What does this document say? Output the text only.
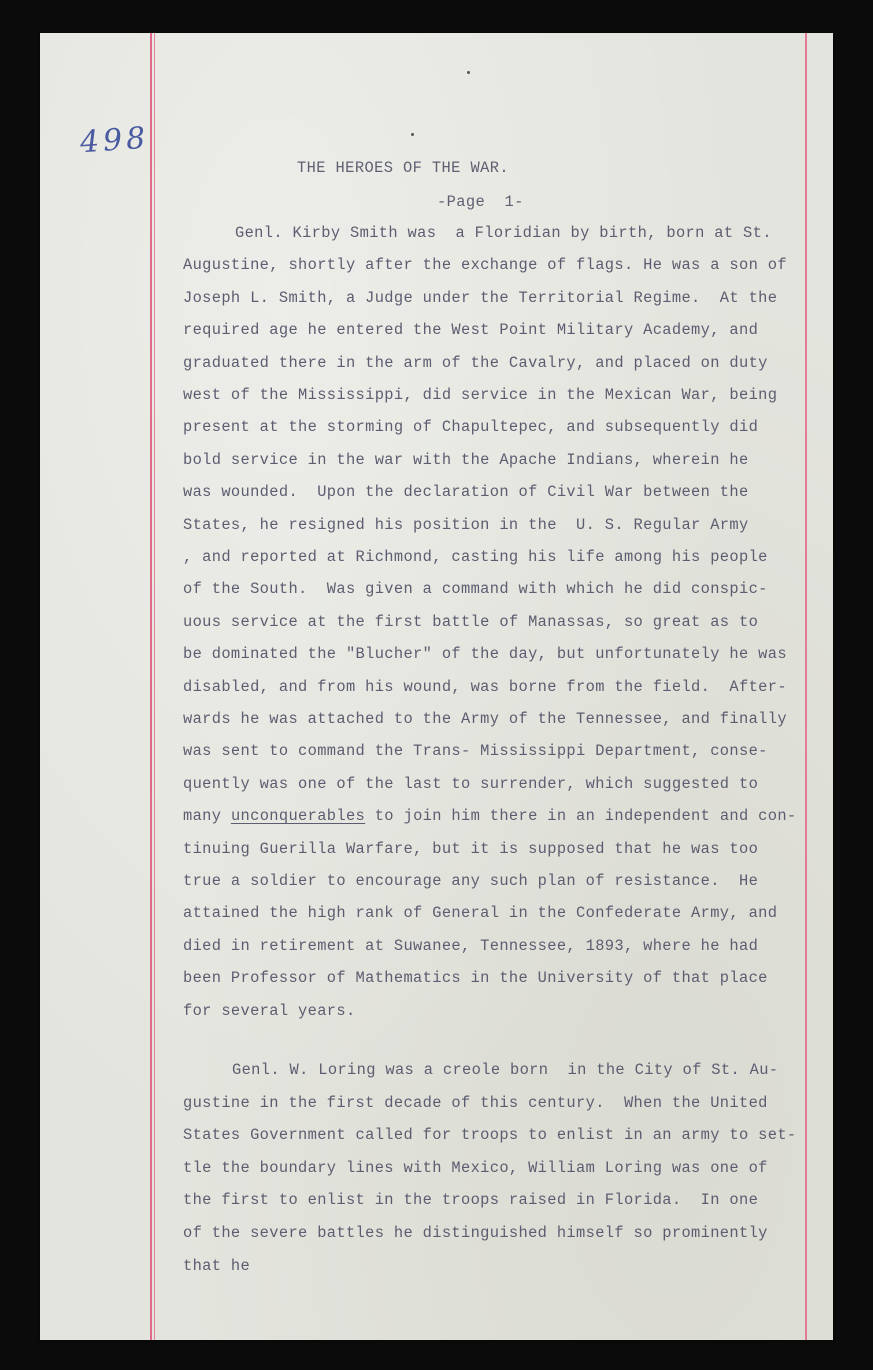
498
THE HEROES OF THE WAR.
-Page  1-
Genl. Kirby Smith was  a Floridian by birth, born at St.
Augustine, shortly after the exchange of flags. He was a son of
Joseph L. Smith, a Judge under the Territorial Regime.  At the
required age he entered the West Point Military Academy, and
graduated there in the arm of the Cavalry, and placed on duty
west of the Mississippi, did service in the Mexican War, being
present at the storming of Chapultepec, and subsequently did
bold service in the war with the Apache Indians, wherein he
was wounded.  Upon the declaration of Civil War between the
States, he resigned his position in the  U. S. Regular Army
, and reported at Richmond, casting his life among his people
of the South.  Was given a command with which he did conspic-
uous service at the first battle of Manassas, so great as to
be dominated the "Blucher" of the day, but unfortunately he was
disabled, and from his wound, was borne from the field.  After-
wards he was attached to the Army of the Tennessee, and finally
was sent to command the Trans- Mississippi Department, conse-
quently was one of the last to surrender, which suggested to
many unconquerables to join him there in an independent and con-
tinuing Guerilla Warfare, but it is supposed that he was too
true a soldier to encourage any such plan of resistance.  He
attained the high rank of General in the Confederate Army, and
died in retirement at Suwanee, Tennessee, 1893, where he had
been Professor of Mathematics in the University of that place
for several years.
Genl. W. Loring was a creole born  in the City of St. Au-
gustine in the first decade of this century.  When the United
States Government called for troops to enlist in an army to set-
tle the boundary lines with Mexico, William Loring was one of
the first to enlist in the troops raised in Florida.  In one
of the severe battles he distinguished himself so prominently
that he
